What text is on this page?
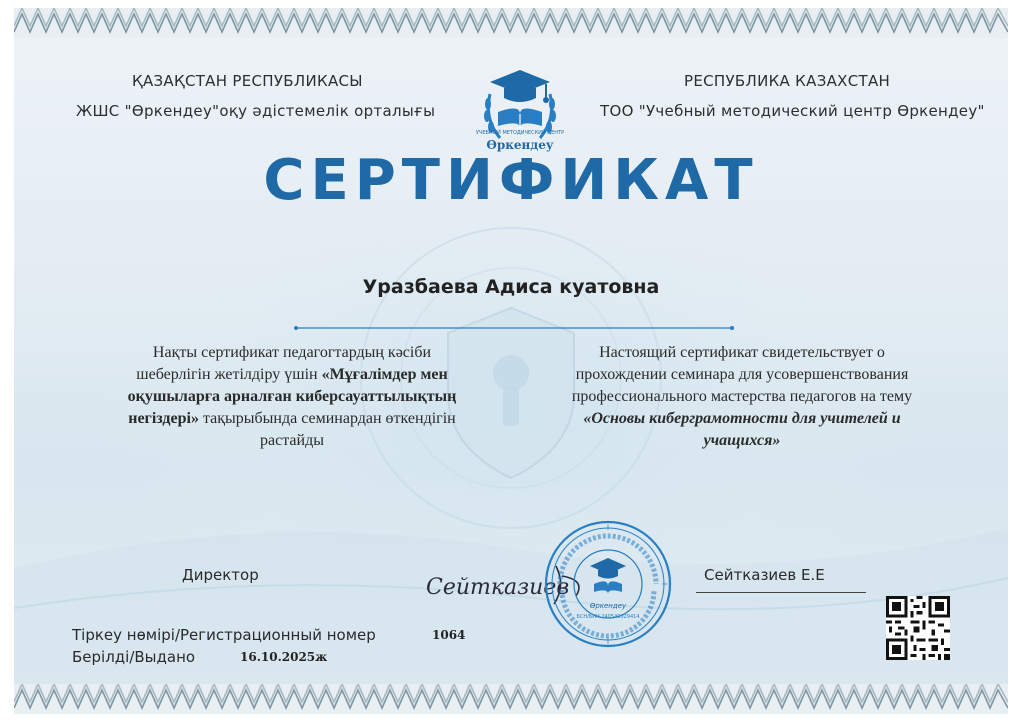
ҚАЗАҚСТАН РЕСПУБЛИКАСЫ
ЖШС "Өркендеу"оқу әдістемелік орталығы
РЕСПУБЛИКА КАЗАХСТАН
ТОО "Учебный методический центр Өркендеу"
УЧЕБНЫЙ МЕТОДИЧЕСКИЙ ЦЕНТР
Өркендеу
СЕРТИФИКАТ
Уразбаева Адиса куатовна
Нақты сертификат педагогтардың кәсіби
шеберлігін жетілдіру үшін «Мұғалімдер мен
оқушыларға арналған киберсауаттылықтың
негіздері» тақырыбында семинардан өткендігін
растайды
Настоящий сертификат свидетельствует о
прохождении семинара для усовершенствования
профессионального мастерства педагогов на тему
«Основы киберграмотности для учителей и
учащихся»
Директор	Сейтказиев
Өркендеу
БСН/БИН 240540029414
Сейтказиев Е.Е
Тіркеу нөмірі/Регистрационный номер	1064
Берілді/Выдано	16.10.2025ж
